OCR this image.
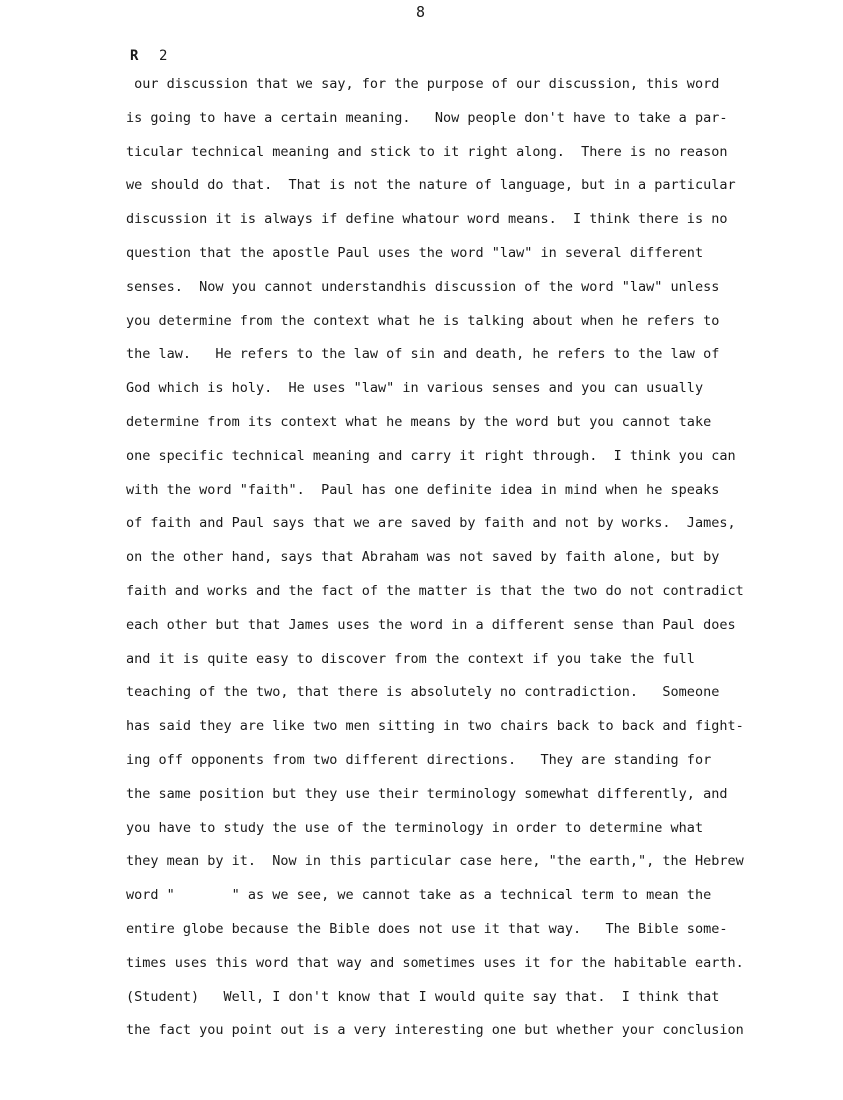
8
R 2
our discussion that we say, for the purpose of our discussion, this word
is going to have a certain meaning.   Now people don't have to take a par-
ticular technical meaning and stick to it right along.  There is no reason
we should do that.  That is not the nature of language, but in a particular
discussion it is always if define whatour word means.  I think there is no
question that the apostle Paul uses the word "law" in several different
senses.  Now you cannot understandhis discussion of the word "law" unless
you determine from the context what he is talking about when he refers to
the law.   He refers to the law of sin and death, he refers to the law of
God which is holy.  He uses "law" in various senses and you can usually
determine from its context what he means by the word but you cannot take
one specific technical meaning and carry it right through.  I think you can
with the word "faith".  Paul has one definite idea in mind when he speaks
of faith and Paul says that we are saved by faith and not by works.  James,
on the other hand, says that Abraham was not saved by faith alone, but by
faith and works and the fact of the matter is that the two do not contradict
each other but that James uses the word in a different sense than Paul does
and it is quite easy to discover from the context if you take the full
teaching of the two, that there is absolutely no contradiction.   Someone
has said they are like two men sitting in two chairs back to back and fight-
ing off opponents from two different directions.   They are standing for
the same position but they use their terminology somewhat differently, and
you have to study the use of the terminology in order to determine what
they mean by it.  Now in this particular case here, "the earth,", the Hebrew
word "       " as we see, we cannot take as a technical term to mean the
entire globe because the Bible does not use it that way.   The Bible some-
times uses this word that way and sometimes uses it for the habitable earth.
(Student)   Well, I don't know that I would quite say that.  I think that
the fact you point out is a very interesting one but whether your conclusion
